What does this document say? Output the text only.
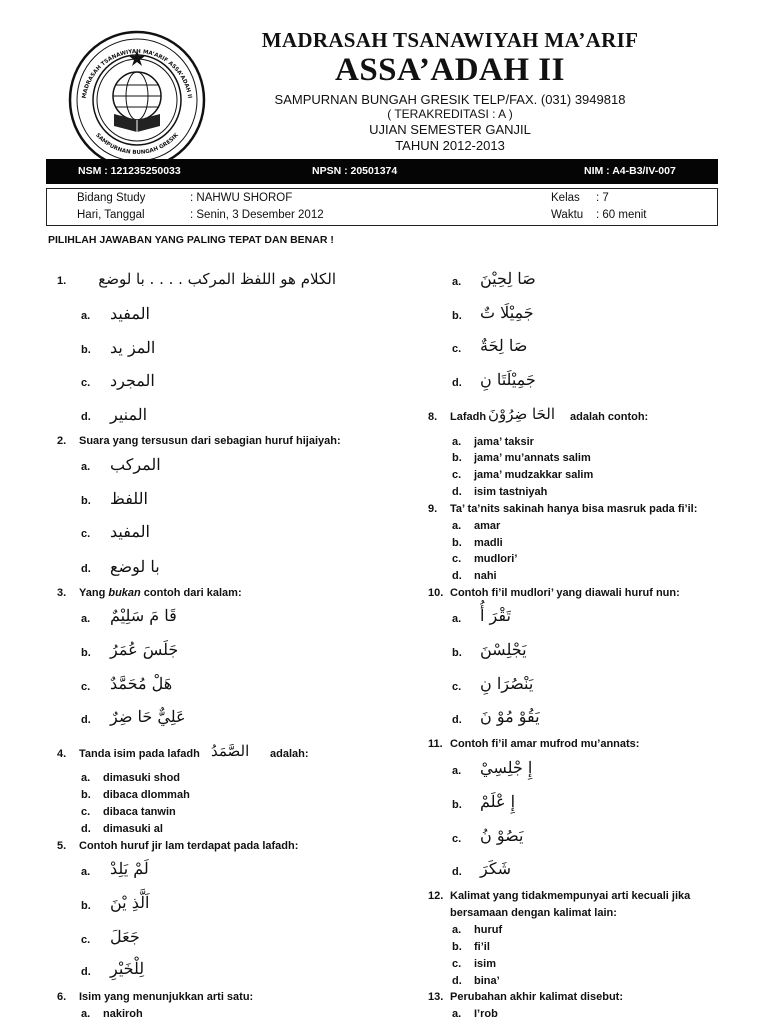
MADRASAH TSANAWIYAH MA’ARIF ASSA’ADAH II
SAMPURNAN BUNGAH GRESIK
MADRASAH TSANAWIYAH MA’ARIF
ASSA’ADAH II
SAMPURNAN BUNGAH GRESIK TELP/FAX. (031) 3949818
( TERAKREDITASI : A )
UJIAN SEMESTER GANJIL
TAHUN 2012-2013
NSM : 121235250033	NPSN : 20501374	NIM : A4-B3/IV-007
Bidang Study	: NAHWU SHOROF
Hari, Tanggal	: Senin, 3 Desember 2012
Kelas : 7
Waktu : 60 menit
PILIHLAH JAWABAN YANG PALING TEPAT DAN BENAR !
1. الكلام هو اللفظ المركب . . . . با لوضع
a. المفيد
b. المز يد
c. المجرد
d. المنير
2. Suara yang tersusun dari sebagian huruf hijaiyah:
a. المركب
b. اللفظ
c. المفيد
d. با لوضع
3. Yang bukan contoh dari kalam:
a. قَا مَ سَلِيْمٌ
b. جَلَسَ عُمَرُ
c. هَلْ مُحَمَّدٌ
d. عَلِيٌّ حَا ضِرٌ
4. Tanda isim pada lafadh	adalah:
الصَّمَدُ
a. dimasuki shod
b. dibaca dlommah
c. dibaca tanwin
d. dimasuki al
5. Contoh huruf jir lam terdapat pada lafadh:
a. لَمْ يَلِدْ
b. اَلَّذِ يْنَ
c. جَعَلَ
d. لِلْخَيْرِ
6. Isim yang menunjukkan arti satu:
a. nakiroh
a. صَا لِحِيْنَ
b. جَمِيْلَا تٌ
c. صَا لِحَةٌ
d. جَمِيْلَتَا نِ
8. Lafadh	adalah contoh:
الحَا ضِرُوْنَ
a. jama’ taksir
b. jama’ mu’annats salim
c. jama’ mudzakkar salim
d. isim tastniyah
9. Ta’ ta’nits sakinah hanya bisa masruk pada fi’il:
a. amar
b. madli
c. mudlori’
d. nahi
10. Contoh fi’il mudlori’ yang diawali huruf nun:
a. تَقْرَ أُ
b. يَجْلِسْنَ
c. يَنْصُرَا نِ
d. يَقُوْ مُوْ نَ
11. Contoh fi’il amar mufrod mu’annats:
a. إِ جْلِسِيْ
b. إِ عْلَمْ
c. يَصُوْ نُ
d. شَكَرَ
12. Kalimat yang tidakmempunyai arti kecuali jika
bersamaan dengan kalimat lain:
a. huruf
b. fi’il
c. isim
d. bina’
13. Perubahan akhir kalimat disebut:
a. I’rob
